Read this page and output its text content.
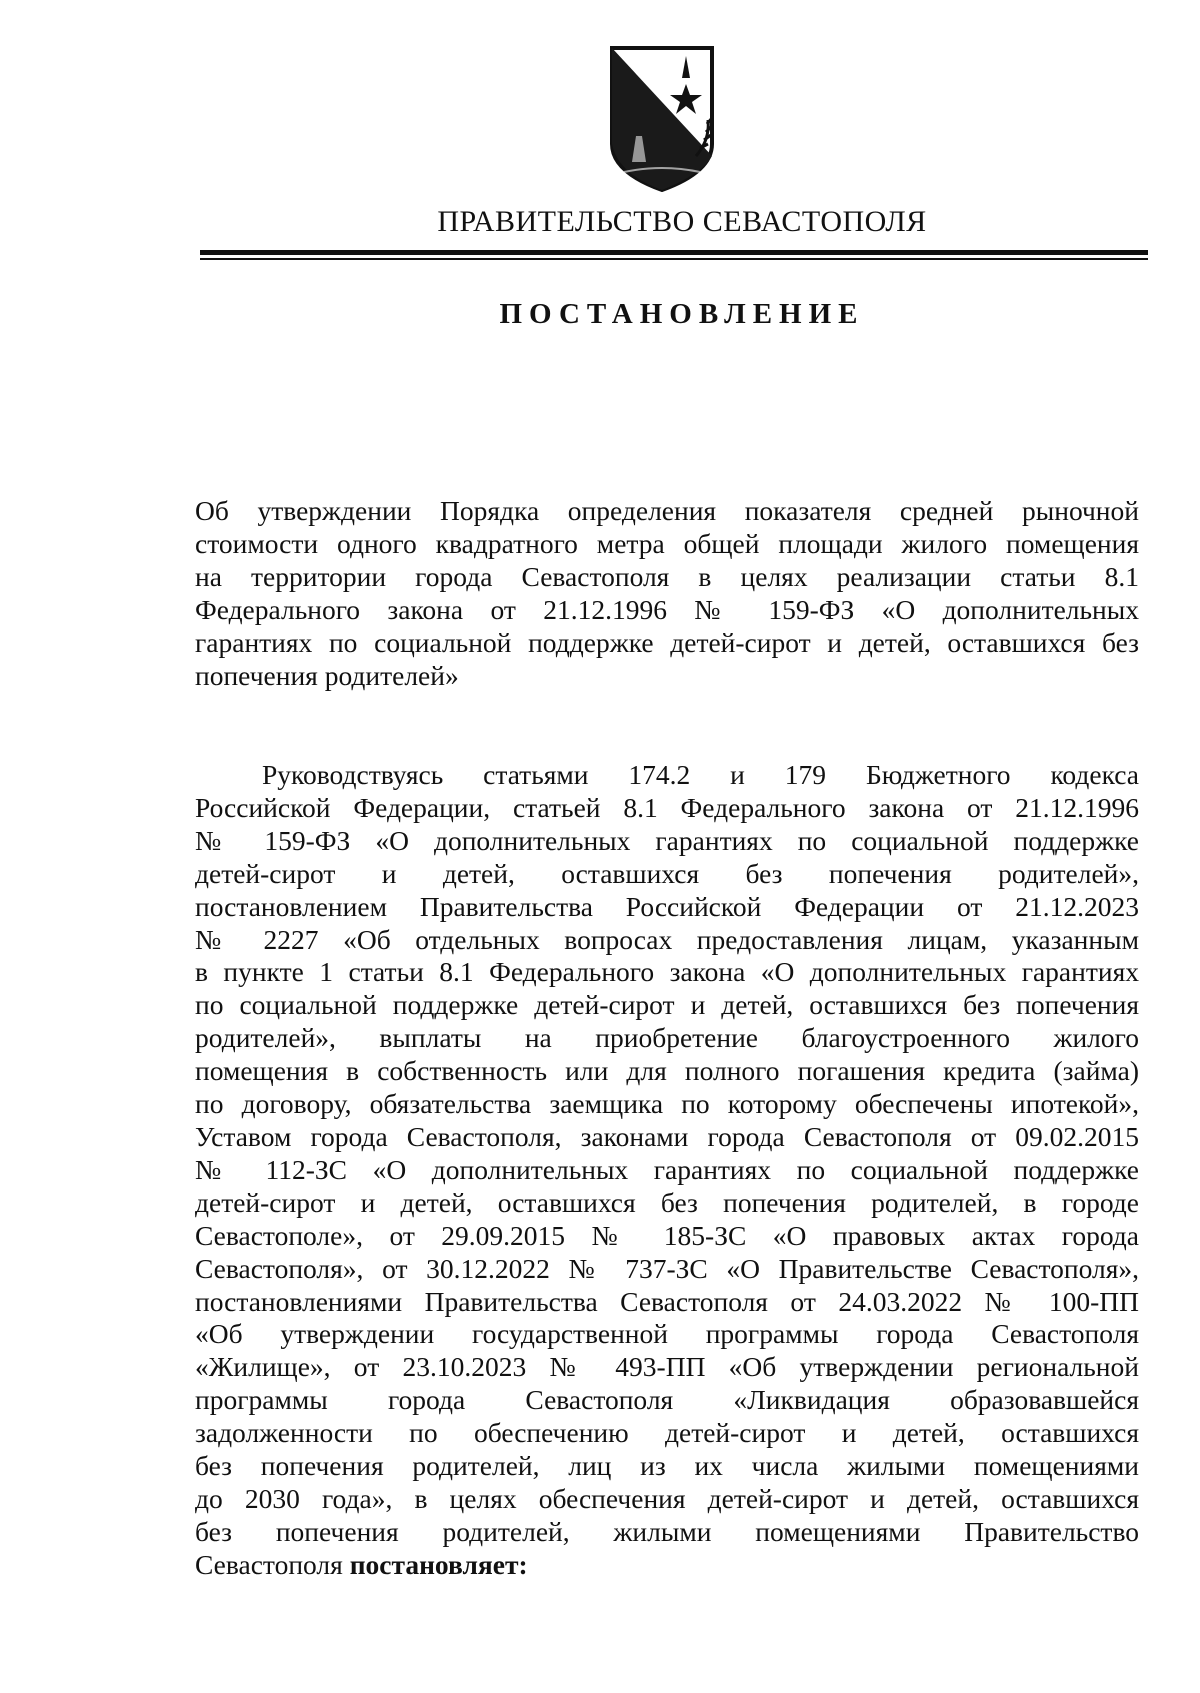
ПРАВИТЕЛЬСТВО СЕВАСТОПОЛЯ
ПОСТАНОВЛЕНИЕ
Об утверждении Порядка определения показателя средней рыночной
стоимости одного квадратного метра общей площади жилого помещения
на территории города Севастополя в целях реализации статьи 8.1
Федерального закона от 21.12.1996 № 159-ФЗ «О дополнительных
гарантиях по социальной поддержке детей-сирот и детей, оставшихся без
попечения родителей»
Руководствуясь статьями 174.2 и 179 Бюджетного кодекса
Российской Федерации, статьей 8.1 Федерального закона от 21.12.1996
№ 159-ФЗ «О дополнительных гарантиях по социальной поддержке
детей-сирот и детей, оставшихся без попечения родителей»,
постановлением Правительства Российской Федерации от 21.12.2023
№ 2227 «Об отдельных вопросах предоставления лицам, указанным
в пункте 1 статьи 8.1 Федерального закона «О дополнительных гарантиях
по социальной поддержке детей-сирот и детей, оставшихся без попечения
родителей», выплаты на приобретение благоустроенного жилого
помещения в собственность или для полного погашения кредита (займа)
по договору, обязательства заемщика по которому обеспечены ипотекой»,
Уставом города Севастополя, законами города Севастополя от 09.02.2015
№ 112-ЗС «О дополнительных гарантиях по социальной поддержке
детей-сирот и детей, оставшихся без попечения родителей, в городе
Севастополе», от 29.09.2015 № 185-ЗС «О правовых актах города
Севастополя», от 30.12.2022 № 737-ЗС «О Правительстве Севастополя»,
постановлениями Правительства Севастополя от 24.03.2022 № 100-ПП
«Об утверждении государственной программы города Севастополя
«Жилище», от 23.10.2023 № 493-ПП «Об утверждении региональной
программы города Севастополя «Ликвидация образовавшейся
задолженности по обеспечению детей-сирот и детей, оставшихся
без попечения родителей, лиц из их числа жилыми помещениями
до 2030 года», в целях обеспечения детей-сирот и детей, оставшихся
без попечения родителей, жилыми помещениями Правительство
Севастополя постановляет:
